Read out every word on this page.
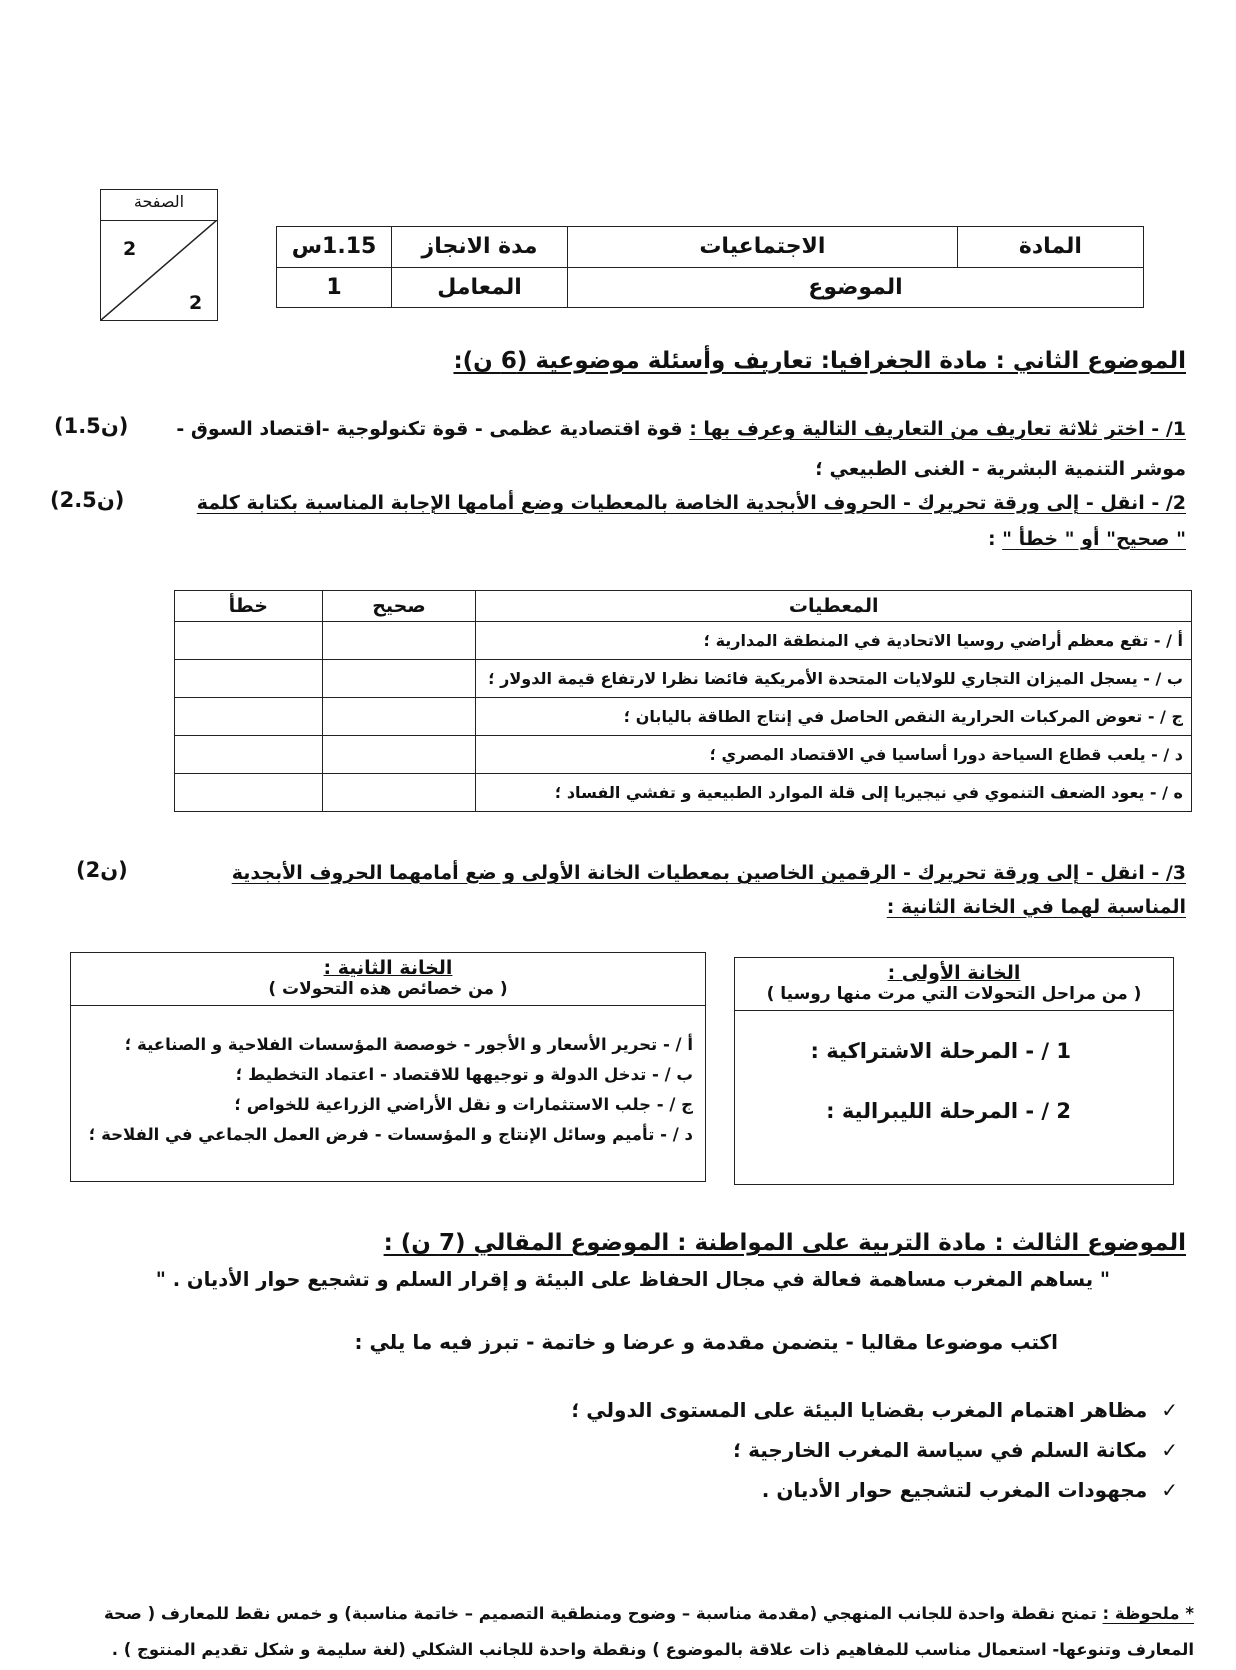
الصفحة
2
2
المادة	الاجتماعيات	مدة الانجاز	1.15س
الموضوع		المعامل	1
الموضوع الثاني : مادة الجغرافيا: تعاريف وأسئلة موضوعية (6 ن):
1/ - اختر ثلاثة تعاريف من التعاريف التالية وعرف بها : قوة اقتصادية عظمى - قوة تكنولوجية -اقتصاد السوق -
(1.5ن)
موشر التنمية البشرية - الغنى الطبيعي ؛
2/ - انقل - إلى ورقة تحريرك - الحروف الأبجدية الخاصة بالمعطيات وضع أمامها الإجابة المناسبة بكتابة كلمة
(2.5ن)
" صحيح" أو " خطأ " :
المعطيات	صحيح	خطأ
أ / - تقع معظم أراضي روسيا الاتحادية في المنطقة المدارية ؛		
ب / - يسجل الميزان التجاري للولايات المتحدة الأمريكية فائضا نظرا لارتفاع قيمة الدولار ؛		
ج / - تعوض المركبات الحرارية النقص الحاصل في إنتاج الطاقة باليابان ؛		
د / - يلعب قطاع السياحة دورا أساسيا في الاقتصاد المصري ؛		
ه / - يعود الضعف التنموي في نيجيريا إلى قلة الموارد الطبيعية و تفشي الفساد ؛		
3/ - انقل - إلى ورقة تحريرك - الرقمين الخاصين بمعطيات الخانة الأولى و ضع أمامهما الحروف الأبجدية
(2ن)
المناسبة لهما في الخانة الثانية :
الخانة الأولى :
( من مراحل التحولات التي مرت منها روسيا )
1 / - المرحلة الاشتراكية :
2 / - المرحلة الليبرالية :
الخانة الثانية :
( من خصائص هذه التحولات )
أ / - تحرير الأسعار و الأجور - خوصصة المؤسسات الفلاحية و الصناعية ؛
ب / - تدخل الدولة و توجيهها للاقتصاد - اعتماد التخطيط ؛
ج / - جلب الاستثمارات و نقل الأراضي الزراعية للخواص ؛
د / - تأميم وسائل الإنتاج و المؤسسات - فرض العمل الجماعي في الفلاحة ؛
الموضوع الثالث : مادة التربية على المواطنة : الموضوع المقالي (7 ن) :
" يساهم المغرب مساهمة فعالة في مجال الحفاظ على البيئة و إقرار السلم و تشجيع حوار الأديان . "
اكتب موضوعا مقاليا - يتضمن مقدمة و عرضا و خاتمة - تبرز فيه ما يلي :
✓مظاهر اهتمام المغرب بقضايا البيئة على المستوى الدولي ؛
✓مكانة السلم في سياسة المغرب الخارجية ؛
✓مجهودات المغرب لتشجيع حوار الأديان .
* ملحوظة : تمنح نقطة واحدة للجانب المنهجي (مقدمة مناسبة – وضوح ومنطقية التصميم – خاتمة مناسبة) و خمس نقط للمعارف ( صحة
المعارف وتنوعها- استعمال مناسب للمفاهيم ذات علاقة بالموضوع ) ونقطة واحدة للجانب الشكلي (لغة سليمة و شكل تقديم المنتوج ) .
